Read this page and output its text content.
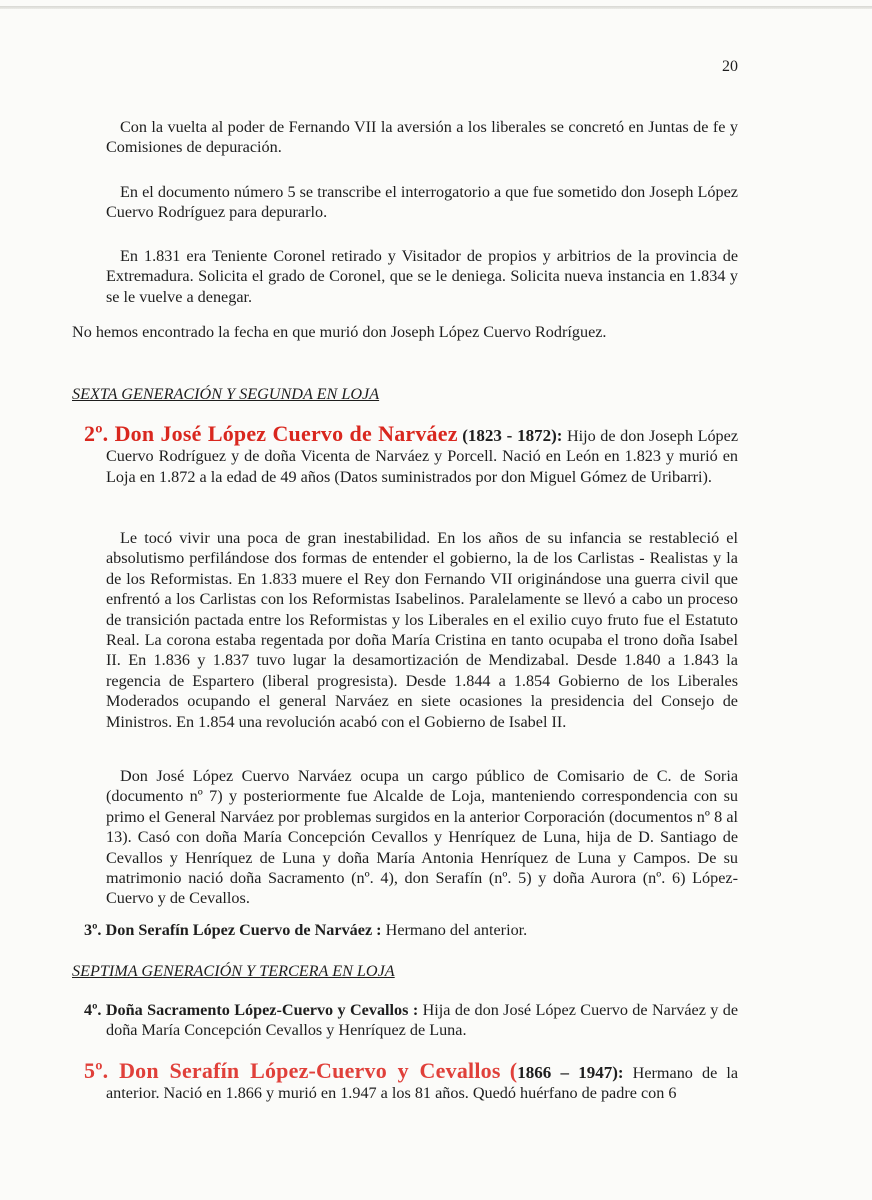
20

Con la vuelta al poder de Fernando VII la aversión a los liberales se concretó en Juntas de fe y Comisiones de depuración.

En el documento número 5 se transcribe el interrogatorio a que fue sometido don Joseph López Cuervo Rodríguez para depurarlo.

En 1.831 era Teniente Coronel retirado y Visitador de propios y arbitrios de la provincia de Extremadura. Solicita el grado de Coronel, que se le deniega. Solicita nueva instancia en 1.834 y se le vuelve a denegar.

No hemos encontrado la fecha en que murió don Joseph López Cuervo Rodríguez.

SEXTA GENERACIÓN Y SEGUNDA EN LOJA

2º. Don José López Cuervo de Narváez (1823 - 1872): Hijo de don Joseph López Cuervo Rodríguez y de doña Vicenta de Narváez y Porcell. Nació en León en 1.823 y murió en Loja en 1.872 a la edad de 49 años (Datos suministrados por don Miguel Gómez de Uribarri).

Le tocó vivir una poca de gran inestabilidad. En los años de su infancia se restableció el absolutismo perfilándose dos formas de entender el gobierno, la de los Carlistas - Realistas y la de los Reformistas. En 1.833 muere el Rey don Fernando VII originándose una guerra civil que enfrentó a los Carlistas con los Reformistas Isabelinos. Paralelamente se llevó a cabo un proceso de transición pactada entre los Reformistas y los Liberales en el exilio cuyo fruto fue el Estatuto Real. La corona estaba regentada por doña María Cristina en tanto ocupaba el trono doña Isabel II. En 1.836 y 1.837 tuvo lugar la desamortización de Mendizabal. Desde 1.840 a 1.843 la regencia de Espartero (liberal progresista). Desde 1.844 a 1.854 Gobierno de los Liberales Moderados ocupando el general Narváez en siete ocasiones la presidencia del Consejo de Ministros. En 1.854 una revolución acabó con el Gobierno de Isabel II.

Don José López Cuervo Narváez ocupa un cargo público de Comisario de C. de Soria (documento nº 7) y posteriormente fue Alcalde de Loja, manteniendo correspondencia con su primo el General Narváez por problemas surgidos en la anterior Corporación (documentos nº 8 al 13). Casó con doña María Concepción Cevallos y Henríquez de Luna, hija de D. Santiago de Cevallos y Henríquez de Luna y doña María Antonia Henríquez de Luna y Campos. De su matrimonio nació doña Sacramento (nº. 4), don Serafín (nº. 5) y doña Aurora (nº. 6) López-Cuervo y de Cevallos.

3º. Don Serafín López Cuervo de Narváez : Hermano del anterior.

SEPTIMA GENERACIÓN Y TERCERA EN LOJA

4º. Doña Sacramento López-Cuervo y Cevallos : Hija de don José López Cuervo de Narváez y de doña María Concepción Cevallos y Henríquez de Luna.

5º. Don Serafín López-Cuervo y Cevallos (1866 – 1947): Hermano de la anterior. Nació en 1.866 y murió en 1.947 a los 81 años. Quedó huérfano de padre con 6
